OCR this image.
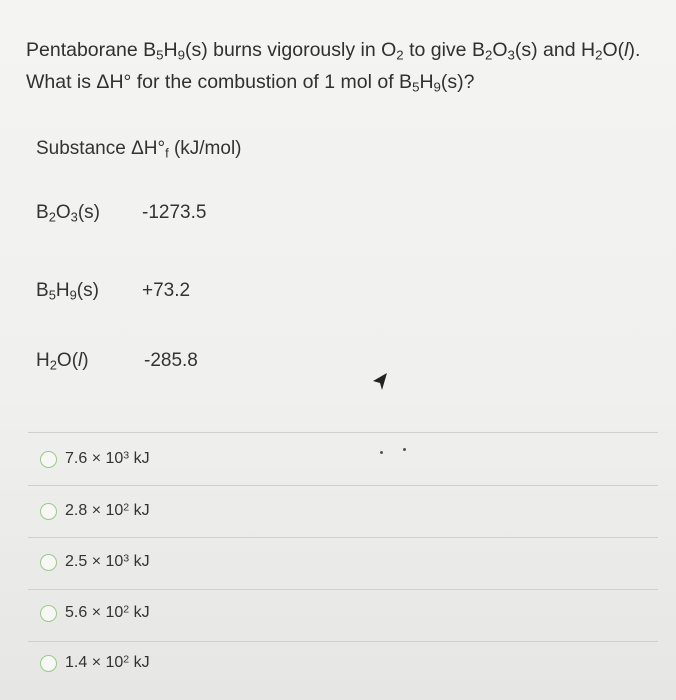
Pentaborane $B_5H_9(s)$ burns vigorously in $O_2$ to give $B_2O_3(s)$ and $H_2O(l)$. What is ΔH° for the combustion of 1 mol of $B_5H_9(s)$?
Substance $\Delta H^\circ_f$ (kJ/mol)
$B_2O_3(s)$ -1273.5
$B_5H_9(s) +73.2$
$H_2O(l)$	-285.8
$7.6 \times 10^3$ kJ
$2.8 \times 10^2$ kJ
$2.5 \times 10^3$ kJ
$5.6 \times 10^2$ kJ
$1.4 \times 10^2$ kJ
